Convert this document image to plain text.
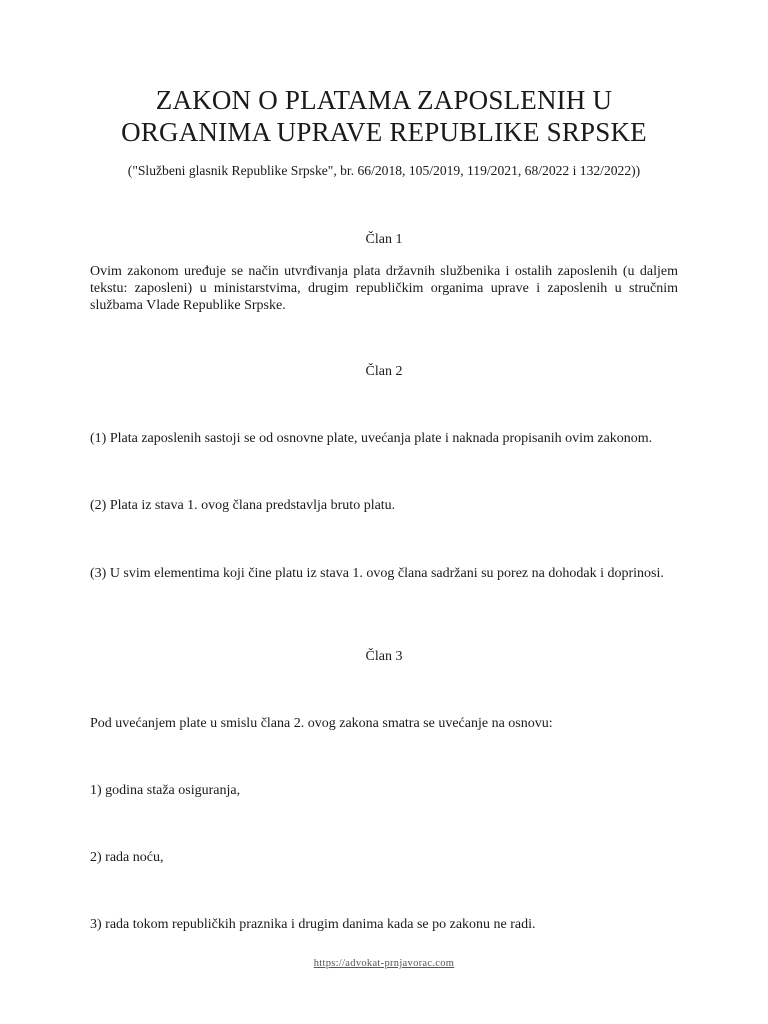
ZAKON O PLATAMA ZAPOSLENIH U
ORGANIMA UPRAVE REPUBLIKE SRPSKE

("Službeni glasnik Republike Srpske", br. 66/2018, 105/2019, 119/2021, 68/2022 i 132/2022))

Član 1

Ovim zakonom uređuje se način utvrđivanja plata državnih službenika i ostalih zaposlenih (u daljem tekstu: zaposleni) u ministarstvima, drugim republičkim organima uprave i zaposlenih u stručnim službama Vlade Republike Srpske.

Član 2

(1) Plata zaposlenih sastoji se od osnovne plate, uvećanja plate i naknada propisanih ovim zakonom.

(2) Plata iz stava 1. ovog člana predstavlja bruto platu.

(3) U svim elementima koji čine platu iz stava 1. ovog člana sadržani su porez na dohodak i doprinosi.

Član 3

Pod uvećanjem plate u smislu člana 2. ovog zakona smatra se uvećanje na osnovu:

1) godina staža osiguranja,

2) rada noću,

3) rada tokom republičkih praznika i drugim danima kada se po zakonu ne radi.

https://advokat-prnjavorac.com
